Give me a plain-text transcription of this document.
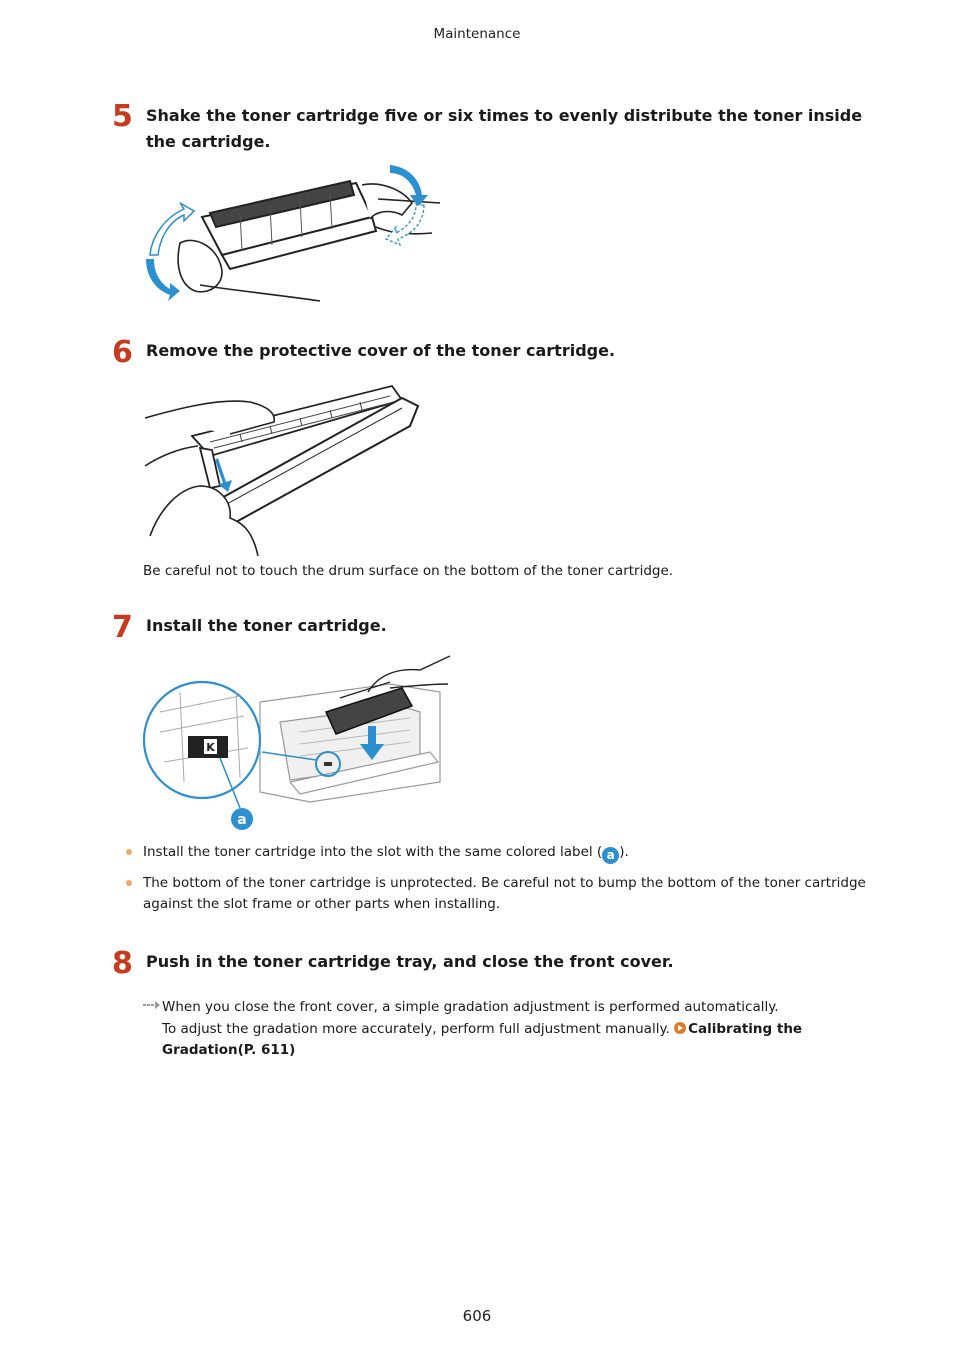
Maintenance
5 Shake the toner cartridge five or six times to evenly distribute the toner inside the cartridge.
6 Remove the protective cover of the toner cartridge.
Be careful not to touch the drum surface on the bottom of the toner cartridge.
7 Install the toner cartridge.
K
a
Install the toner cartridge into the slot with the same colored label ( a ).
The bottom of the toner cartridge is unprotected. Be careful not to bump the bottom of the toner cartridge against the slot frame or other parts when installing.
8 Push in the toner cartridge tray, and close the front cover.
When you close the front cover, a simple gradation adjustment is performed automatically.
To adjust the gradation more accurately, perform full adjustment manually. Calibrating the Gradation(P. 611)
606
